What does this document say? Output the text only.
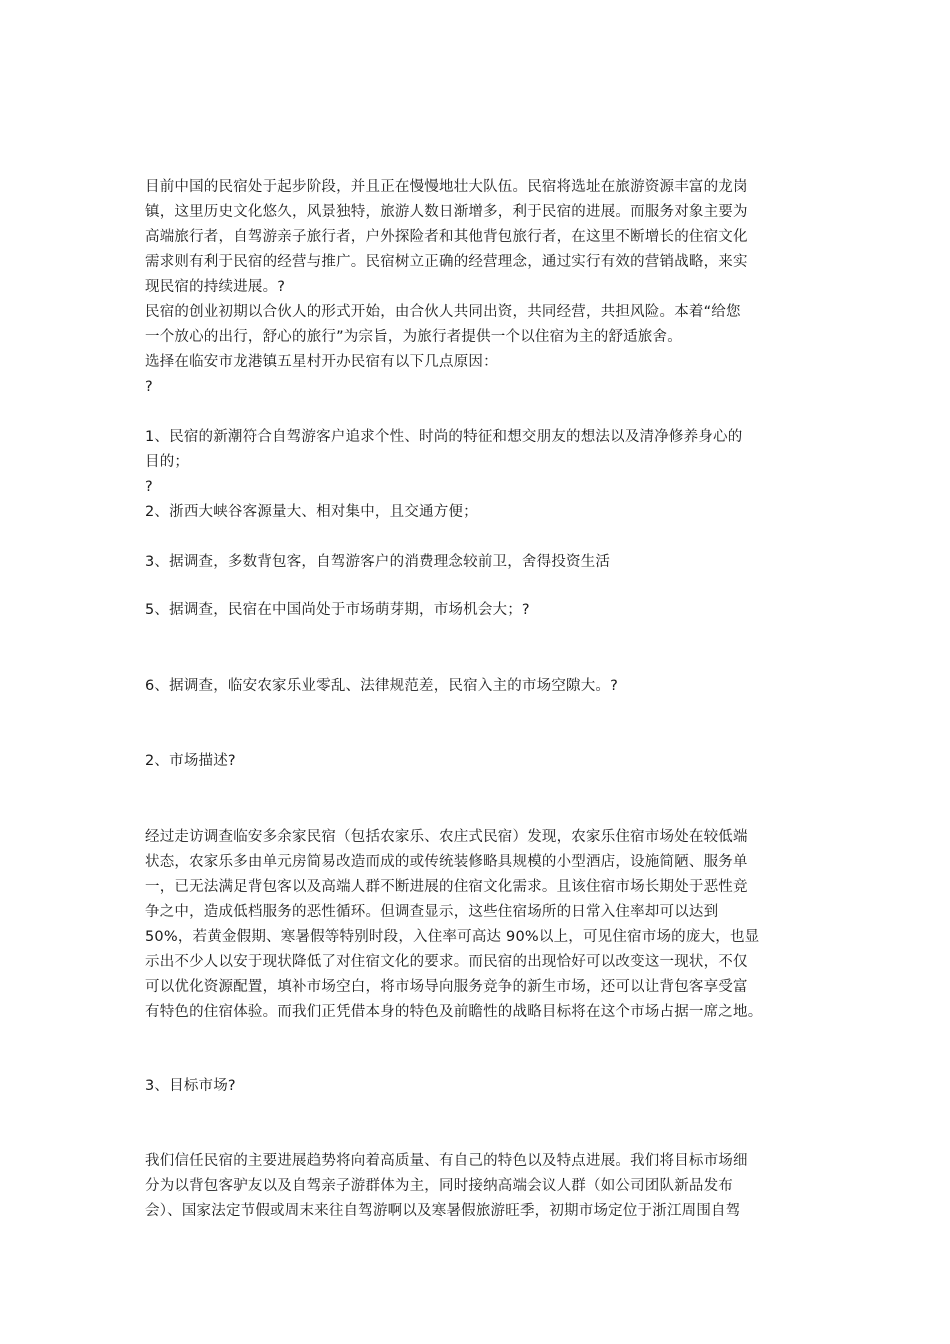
目前中国的民宿处于起步阶段，并且正在慢慢地壮大队伍。民宿将选址在旅游资源丰富的龙岗

镇，这里历史文化悠久，风景独特，旅游人数日渐增多，利于民宿的进展。而服务对象主要为

高端旅行者，自驾游亲子旅行者，户外探险者和其他背包旅行者，在这里不断增长的住宿文化

需求则有利于民宿的经营与推广。民宿树立正确的经营理念，通过实行有效的营销战略，来实

现民宿的持续进展。?

民宿的创业初期以合伙人的形式开始，由合伙人共同出资，共同经营，共担风险。本着“给您

一个放心的出行，舒心的旅行”为宗旨，为旅行者提供一个以住宿为主的舒适旅舍。

选择在临安市龙港镇五星村开办民宿有以下几点原因：

?

1、民宿的新潮符合自驾游客户追求个性、时尚的特征和想交朋友的想法以及清净修养身心的

目的；

?

2、浙西大峡谷客源量大、相对集中，且交通方便；

3、据调查，多数背包客，自驾游客户的消费理念较前卫，舍得投资生活

5、据调查，民宿在中国尚处于市场萌芽期，市场机会大；?

6、据调查，临安农家乐业零乱、法律规范差，民宿入主的市场空隙大。?

2、市场描述?

经过走访调查临安多余家民宿（包括农家乐、农庄式民宿）发现，农家乐住宿市场处在较低端

状态，农家乐多由单元房简易改造而成的或传统装修略具规模的小型酒店，设施简陋、服务单

一，已无法满足背包客以及高端人群不断进展的住宿文化需求。且该住宿市场长期处于恶性竞

争之中，造成低档服务的恶性循环。但调查显示，这些住宿场所的日常入住率却可以达到

50%，若黄金假期、寒暑假等特别时段，入住率可高达 90%以上，可见住宿市场的庞大，也显

示出不少人以安于现状降低了对住宿文化的要求。而民宿的出现恰好可以改变这一现状，不仅

可以优化资源配置，填补市场空白，将市场导向服务竞争的新生市场，还可以让背包客享受富

有特色的住宿体验。而我们正凭借本身的特色及前瞻性的战略目标将在这个市场占据一席之地。

3、目标市场?

我们信任民宿的主要进展趋势将向着高质量、有自己的特色以及特点进展。我们将目标市场细

分为以背包客驴友以及自驾亲子游群体为主，同时接纳高端会议人群（如公司团队新品发布

会）、国家法定节假或周末来往自驾游啊以及寒暑假旅游旺季，初期市场定位于浙江周围自驾
